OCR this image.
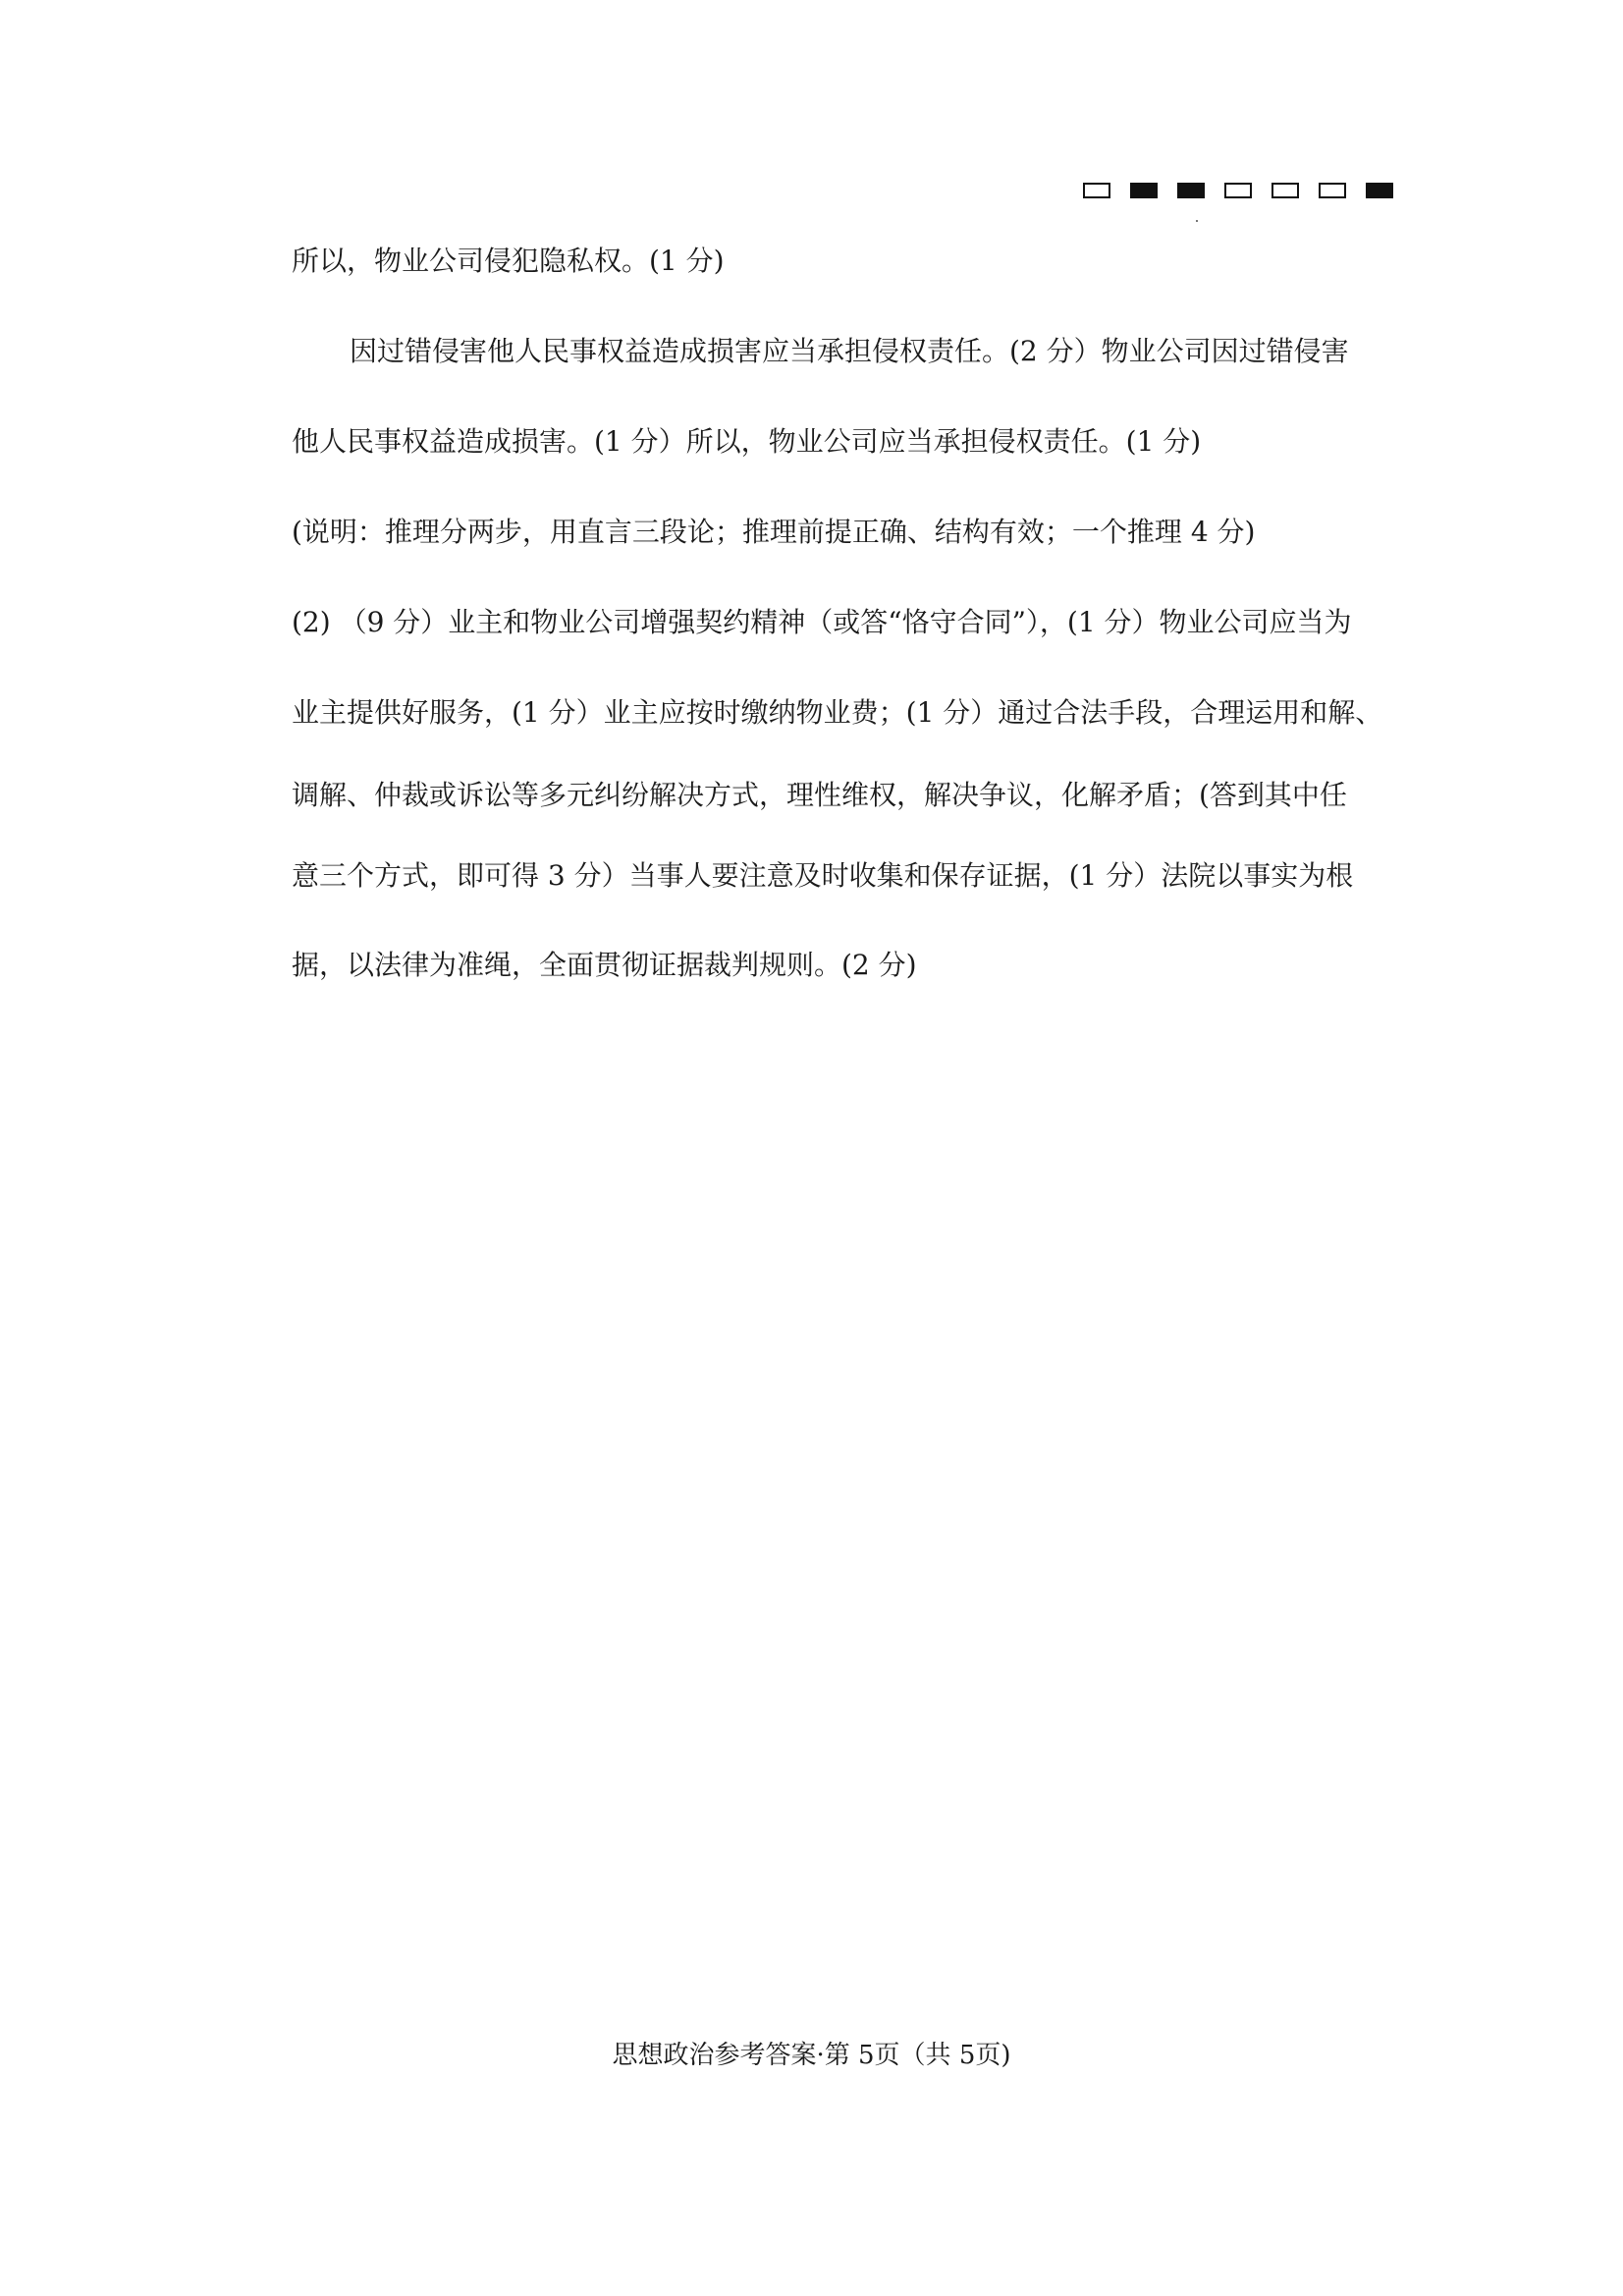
所以，物业公司侵犯隐私权。(1 分)
因过错侵害他人民事权益造成损害应当承担侵权责任。(2 分）物业公司因过错侵害
他人民事权益造成损害。(1 分）所以，物业公司应当承担侵权责任。(1 分)
(说明：推理分两步，用直言三段论；推理前提正确、结构有效；一个推理 4 分)
(2) （9 分）业主和物业公司增强契约精神（或答“恪守合同”），(1 分）物业公司应当为
业主提供好服务，(1 分）业主应按时缴纳物业费；(1 分）通过合法手段，合理运用和解、
调解、仲裁或诉讼等多元纠纷解决方式，理性维权，解决争议，化解矛盾；(答到其中任
意三个方式，即可得 3 分）当事人要注意及时收集和保存证据，(1 分）法院以事实为根
据，以法律为准绳，全面贯彻证据裁判规则。(2 分)
思想政治参考答案·第 5页（共 5页)
